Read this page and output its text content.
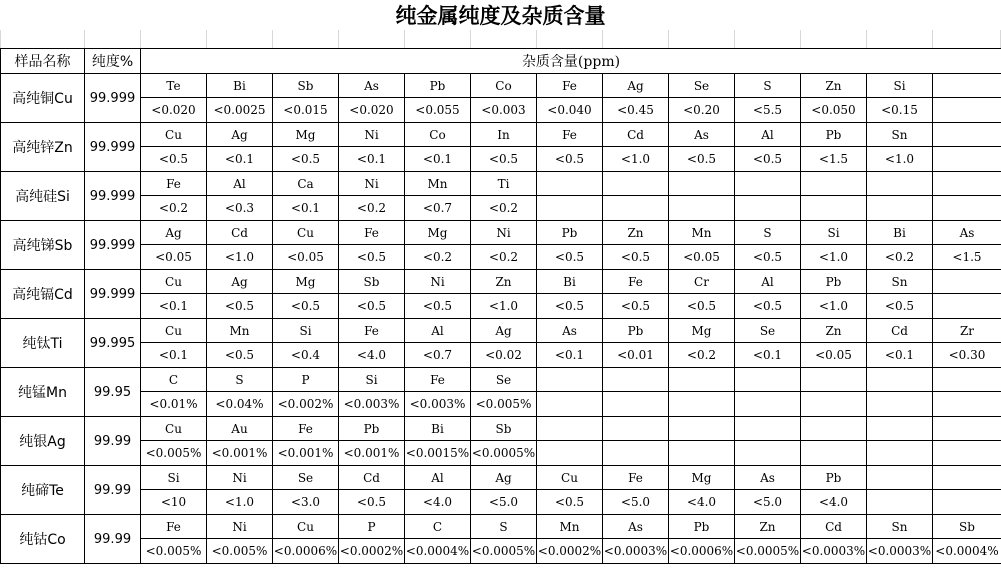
纯金属纯度及杂质含量
样品名称	纯度%	杂质含量(ppm)												
高纯铜Cu	99.999	Te	Bi	Sb	As	Pb	Co	Fe	Ag	Se	S	Zn	Si	
		<0.020	<0.0025	<0.015	<0.020	<0.055	<0.003	<0.040	<0.45	<0.20	<5.5	<0.050	<0.15	
高纯锌Zn	99.999	Cu	Ag	Mg	Ni	Co	In	Fe	Cd	As	Al	Pb	Sn	
		<0.5	<0.1	<0.5	<0.1	<0.1	<0.5	<0.5	<1.0	<0.5	<0.5	<1.5	<1.0	
高纯硅Si	99.999	Fe	Al	Ca	Ni	Mn	Ti							
		<0.2	<0.3	<0.1	<0.2	<0.7	<0.2							
高纯锑Sb	99.999	Ag	Cd	Cu	Fe	Mg	Ni	Pb	Zn	Mn	S	Si	Bi	As
		<0.05	<1.0	<0.05	<0.5	<0.2	<0.2	<0.5	<0.5	<0.05	<0.5	<1.0	<0.2	<1.5
高纯镉Cd	99.999	Cu	Ag	Mg	Sb	Ni	Zn	Bi	Fe	Cr	Al	Pb	Sn	
		<0.1	<0.5	<0.5	<0.5	<0.5	<1.0	<0.5	<0.5	<0.5	<0.5	<1.0	<0.5	
纯钛Ti	99.995	Cu	Mn	Si	Fe	Al	Ag	As	Pb	Mg	Se	Zn	Cd	Zr
		<0.1	<0.5	<0.4	<4.0	<0.7	<0.02	<0.1	<0.01	<0.2	<0.1	<0.05	<0.1	<0.30
纯锰Mn	99.95	C	S	P	Si	Fe	Se							
		<0.01%	<0.04%	<0.002%	<0.003%	<0.003%	<0.005%							
纯银Ag	99.99	Cu	Au	Fe	Pb	Bi	Sb							
		<0.005%	<0.001%	<0.001%	<0.001%	<0.0015%	<0.0005%							
纯碲Te	99.99	Si	Ni	Se	Cd	Al	Ag	Cu	Fe	Mg	As	Pb		
		<10	<1.0	<3.0	<0.5	<4.0	<5.0	<0.5	<5.0	<4.0	<5.0	<4.0		
纯钴Co	99.99	Fe	Ni	Cu	P	C	S	Mn	As	Pb	Zn	Cd	Sn	Sb
		<0.005%	<0.005%	<0.0006%	<0.0002%	<0.0004%	<0.0005%	<0.0002%	<0.0003%	<0.0006%	<0.0005%	<0.0003%	<0.0003%	<0.0004%
